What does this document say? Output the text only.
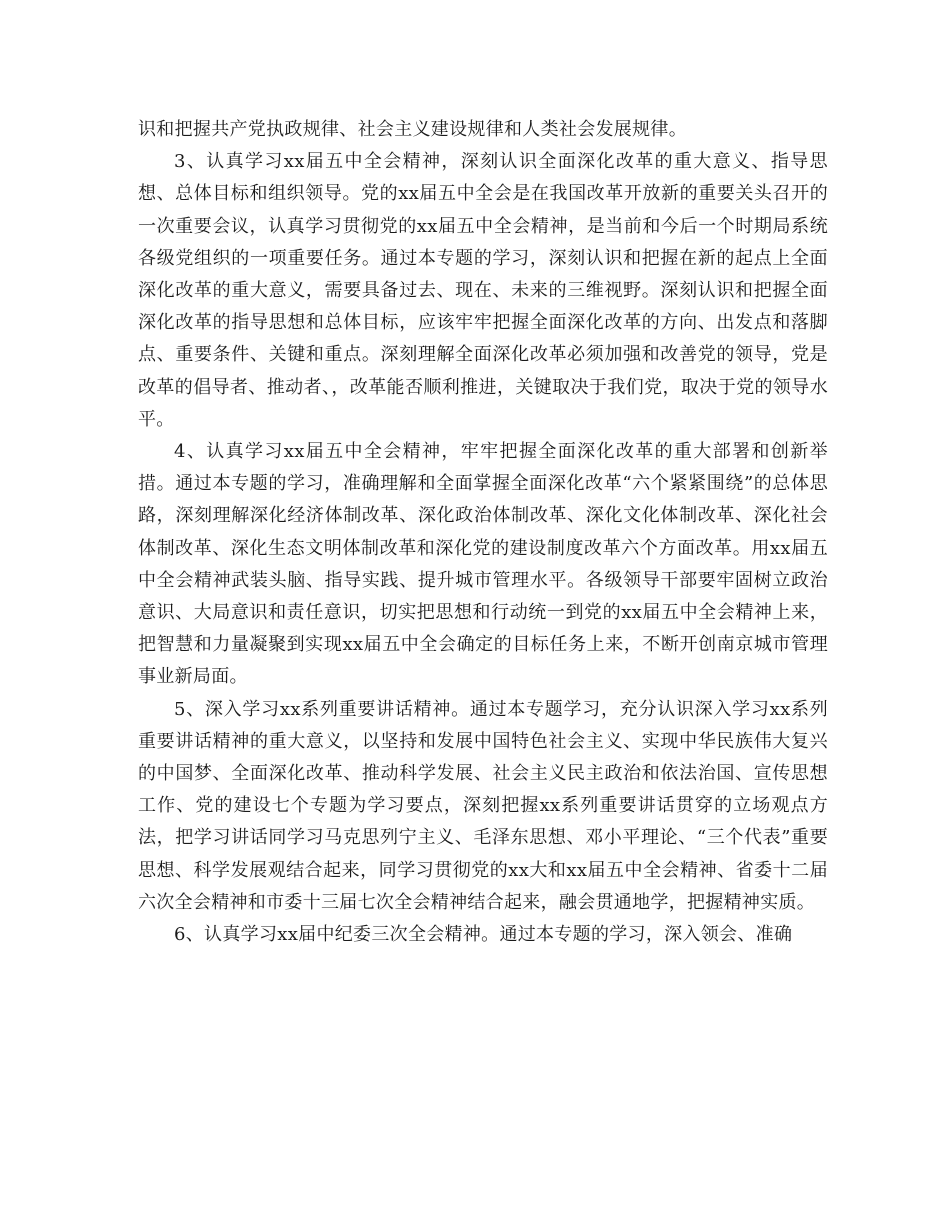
识和把握共产党执政规律、社会主义建设规律和人类社会发展规律。

3、认真学习xx届五中全会精神，深刻认识全面深化改革的重大意义、指导思想、总体目标和组织领导。党的xx届五中全会是在我国改革开放新的重要关头召开的一次重要会议，认真学习贯彻党的xx届五中全会精神，是当前和今后一个时期局系统各级党组织的一项重要任务。通过本专题的学习，深刻认识和把握在新的起点上全面深化改革的重大意义，需要具备过去、现在、未来的三维视野。深刻认识和把握全面深化改革的指导思想和总体目标，应该牢牢把握全面深化改革的方向、出发点和落脚点、重要条件、关键和重点。深刻理解全面深化改革必须加强和改善党的领导，党是改革的倡导者、推动者、，改革能否顺利推进，关键取决于我们党，取决于党的领导水平。

4、认真学习xx届五中全会精神，牢牢把握全面深化改革的重大部署和创新举措。通过本专题的学习，准确理解和全面掌握全面深化改革“六个紧紧围绕”的总体思路，深刻理解深化经济体制改革、深化政治体制改革、深化文化体制改革、深化社会体制改革、深化生态文明体制改革和深化党的建设制度改革六个方面改革。用xx届五中全会精神武装头脑、指导实践、提升城市管理水平。各级领导干部要牢固树立政治意识、大局意识和责任意识，切实把思想和行动统一到党的xx届五中全会精神上来，把智慧和力量凝聚到实现xx届五中全会确定的目标任务上来，不断开创南京城市管理事业新局面。

5、深入学习xx系列重要讲话精神。通过本专题学习，充分认识深入学习xx系列重要讲话精神的重大意义，以坚持和发展中国特色社会主义、实现中华民族伟大复兴的中国梦、全面深化改革、推动科学发展、社会主义民主政治和依法治国、宣传思想工作、党的建设七个专题为学习要点，深刻把握xx系列重要讲话贯穿的立场观点方法，把学习讲话同学习马克思列宁主义、毛泽东思想、邓小平理论、“三个代表”重要思想、科学发展观结合起来，同学习贯彻党的xx大和xx届五中全会精神、省委十二届六次全会精神和市委十三届七次全会精神结合起来，融会贯通地学，把握精神实质。

6、认真学习xx届中纪委三次全会精神。通过本专题的学习，深入领会、准确
